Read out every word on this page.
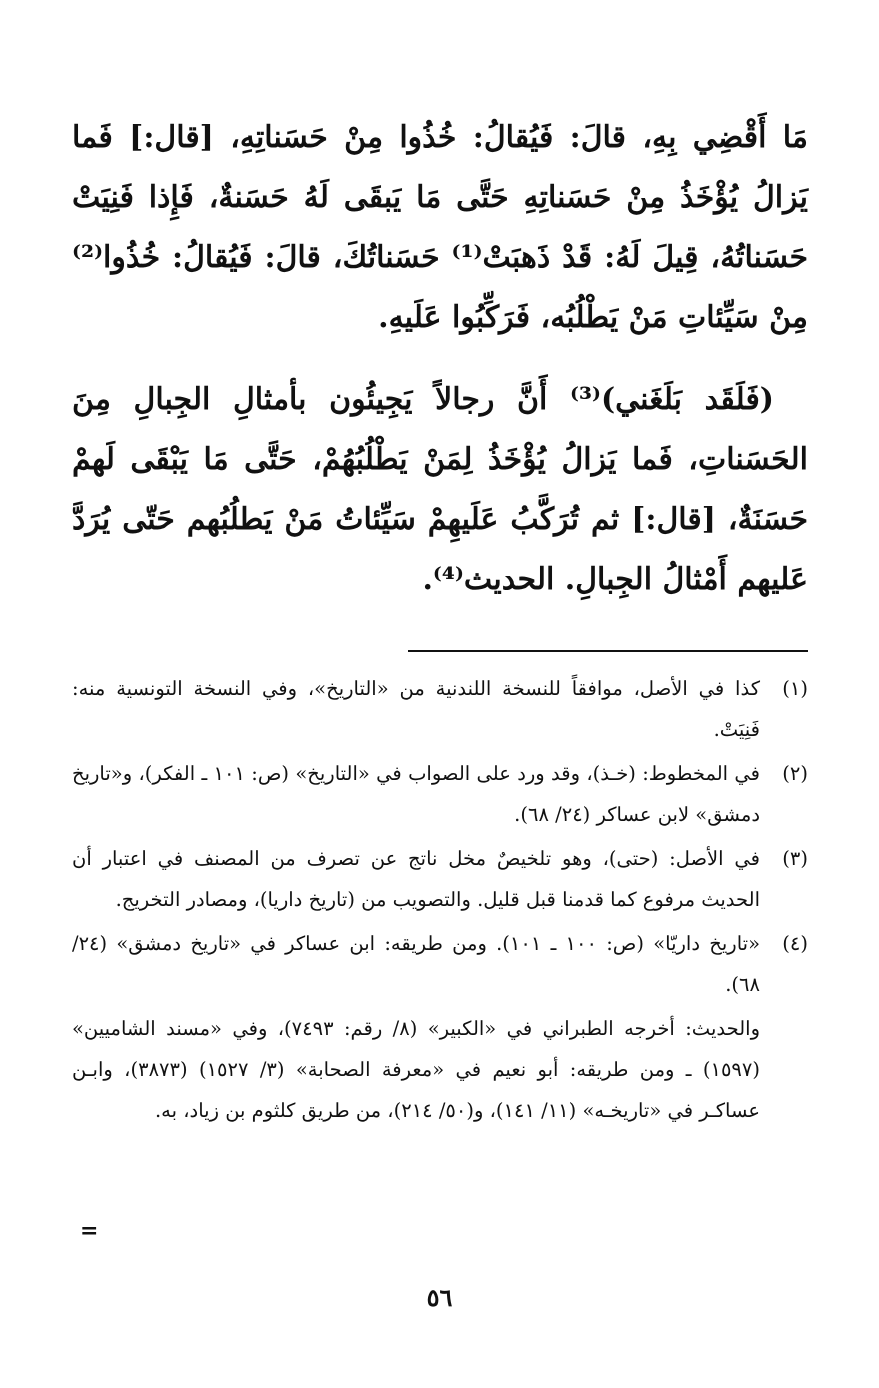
مَا أَقْضِي بِهِ، قالَ: فَيُقالُ: خُذُوا مِنْ حَسَناتِهِ، [قال:] فَما يَزالُ يُؤْخَذُ مِنْ حَسَناتِهِ حَتَّى مَا يَبقَى لَهُ حَسَنةٌ، فَإِذا فَنِيَتْ حَسَناتُهُ، قِيلَ لَهُ: قَدْ ذَهبَتْ⁽¹⁾ حَسَناتُكَ، قالَ: فَيُقالُ: خُذُوا⁽²⁾ مِنْ سَيِّئاتِ مَنْ يَطْلُبُه، فَرَكِّبُوا عَلَيهِ.

(فَلَقَد بَلَغَني)⁽³⁾ أَنَّ رجالاً يَجِيئُون بأمثالِ الجِبالِ مِنَ الحَسَناتِ، فَما يَزالُ يُؤْخَذُ لِمَنْ يَطْلُبُهُمْ، حَتَّى مَا يَبْقَى لَهمْ حَسَنَةٌ، [قال:] ثم تُرَكَّبُ عَلَيهِمْ سَيِّئاتُ مَنْ يَطلُبُهم حَتّى يُرَدَّ عَليهم أَمْثالُ الجِبالِ. الحديث⁽⁴⁾.

(١)
كذا في الأصل، موافقاً للنسخة اللندنية من «التاريخ»، وفي النسخة التونسية منه: فَنِيَتْ.
(٢)
في المخطوط: (خـذ)، وقد ورد على الصواب في «التاريخ» (ص: ١٠١ ـ الفكر)، و«تاريخ دمشق» لابن عساكر (٢٤/ ٦٨).
(٣)
في الأصل: (حتى)، وهو تلخيصٌ مخل ناتج عن تصرف من المصنف في اعتبار أن الحديث مرفوع كما قدمنا قبل قليل. والتصويب من (تاريخ داريا)، ومصادر التخريج.
(٤)
«تاريخ داريّا» (ص: ١٠٠ ـ ١٠١). ومن طريقه: ابن عساكر في «تاريخ دمشق» (٢٤/ ٦٨).
والحديث: أخرجه الطبراني في «الكبير» (٨/ رقم: ٧٤٩٣)، وفي «مسند الشاميين» (١٥٩٧) ـ ومن طريقه: أبو نعيم في «معرفة الصحابة» (٣/ ١٥٢٧) (٣٨٧٣)، وابـن عساكـر في «تاريخـه» (١١/ ١٤١)، و(٥٠/ ٢١٤)، من طريق كلثوم بن زياد، به.
=
٥٦
